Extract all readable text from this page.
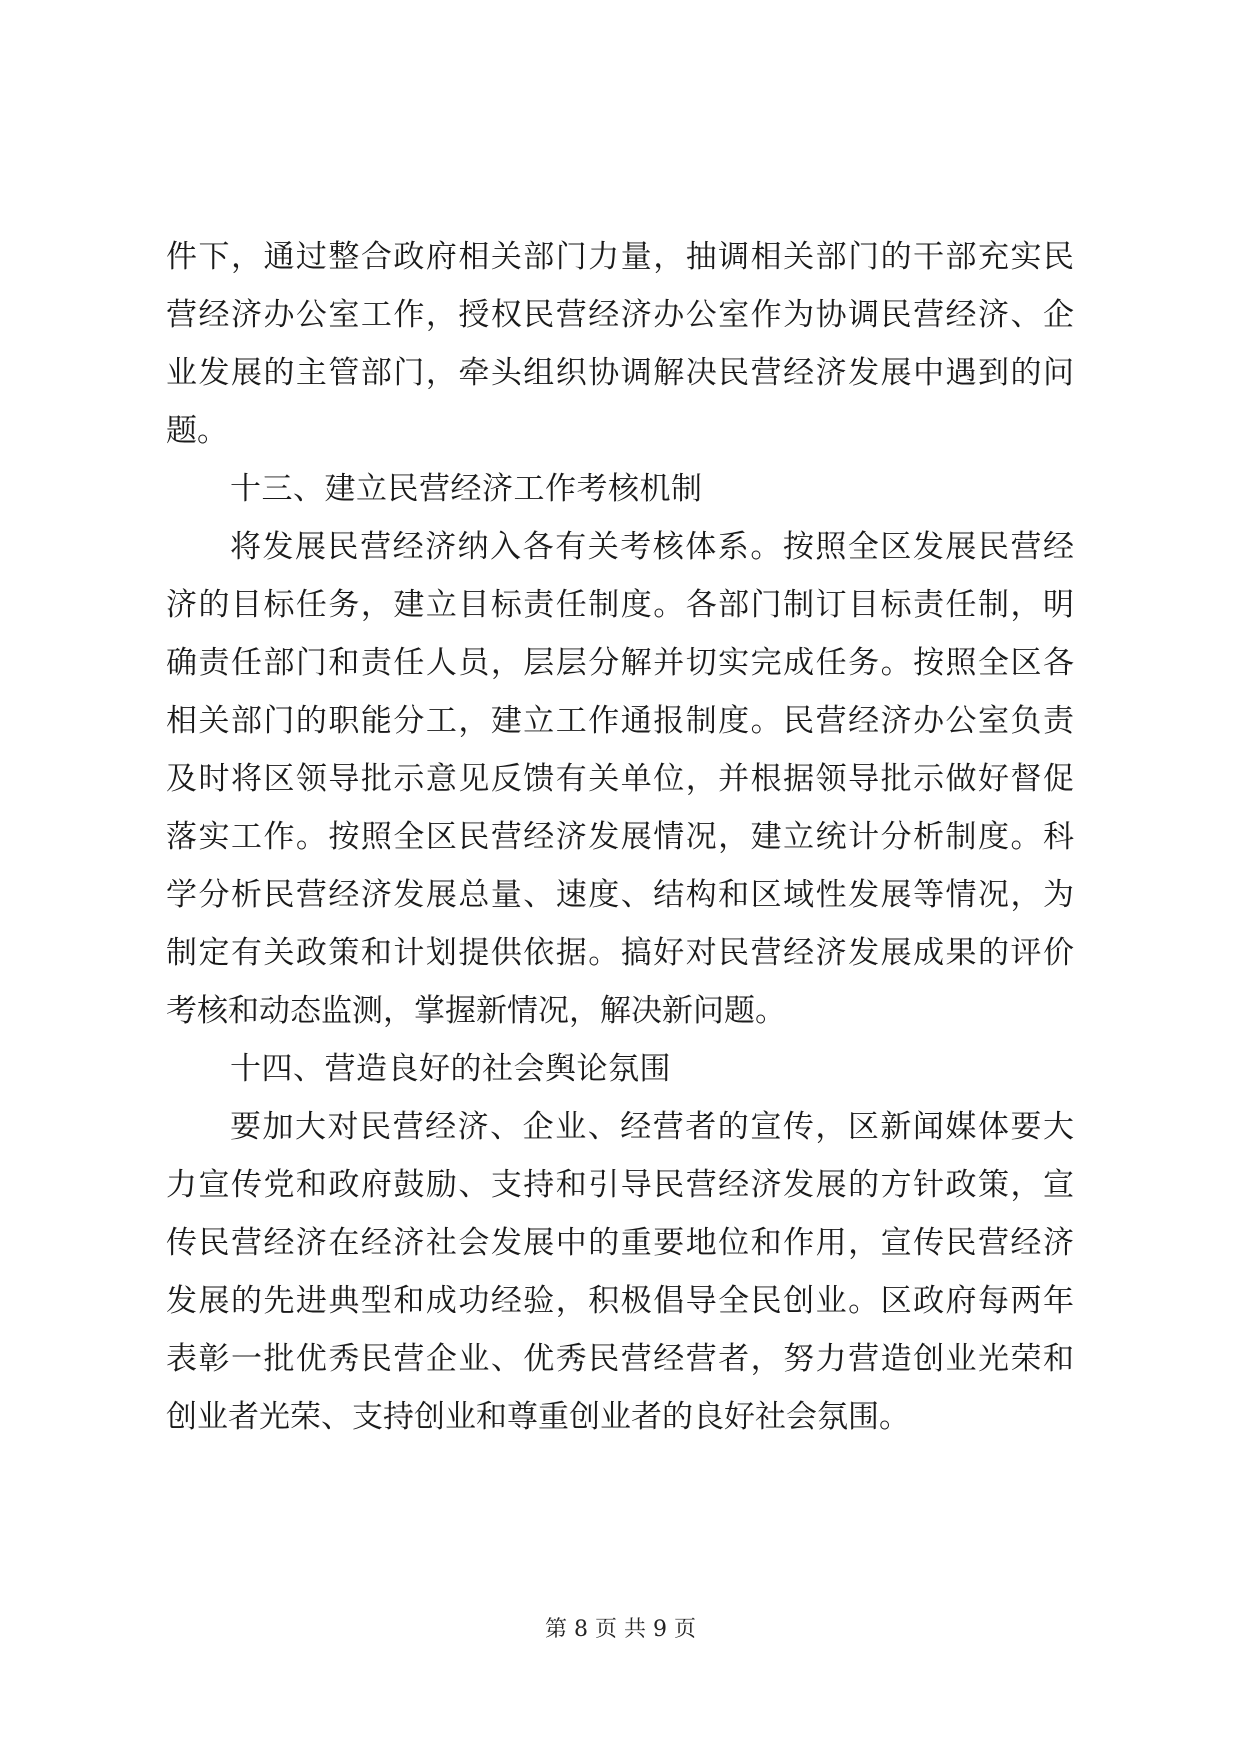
件下，通过整合政府相关部门力量，抽调相关部门的干部充实民
营经济办公室工作，授权民营经济办公室作为协调民营经济、企
业发展的主管部门，牵头组织协调解决民营经济发展中遇到的问
题。
十三、建立民营经济工作考核机制
将发展民营经济纳入各有关考核体系。按照全区发展民营经
济的目标任务，建立目标责任制度。各部门制订目标责任制，明
确责任部门和责任人员，层层分解并切实完成任务。按照全区各
相关部门的职能分工，建立工作通报制度。民营经济办公室负责
及时将区领导批示意见反馈有关单位，并根据领导批示做好督促
落实工作。按照全区民营经济发展情况，建立统计分析制度。科
学分析民营经济发展总量、速度、结构和区域性发展等情况，为
制定有关政策和计划提供依据。搞好对民营经济发展成果的评价
考核和动态监测，掌握新情况，解决新问题。
十四、营造良好的社会舆论氛围
要加大对民营经济、企业、经营者的宣传，区新闻媒体要大
力宣传党和政府鼓励、支持和引导民营经济发展的方针政策，宣
传民营经济在经济社会发展中的重要地位和作用，宣传民营经济
发展的先进典型和成功经验，积极倡导全民创业。区政府每两年
表彰一批优秀民营企业、优秀民营经营者，努力营造创业光荣和
创业者光荣、支持创业和尊重创业者的良好社会氛围。
第 8 页 共 9 页
